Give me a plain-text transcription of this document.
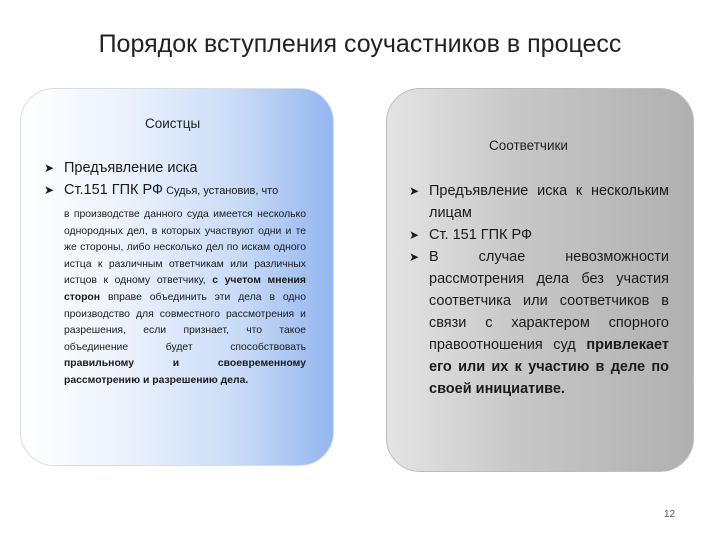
Порядок вступления соучастников в процесс
Соистцы
➤ Предъявление иска
➤ Ст.151 ГПК РФ Судья, установив, что
в производстве данного суда имеется несколько однородных дел, в которых участвуют одни и те же стороны, либо несколько дел по искам одного истца к различным ответчикам или различных истцов к одному ответчику, с учетом мнения сторон вправе объединить эти дела в одно производство для совместного рассмотрения и разрешения, если признает, что такое объединение будет способствовать правильному и своевременному рассмотрению и разрешению дела.
Соответчики
➤ Предъявление иска к нескольким лицам
➤ Ст. 151 ГПК РФ
➤ В случае невозможности рассмотрения дела без участия соответчика или соответчиков в связи с характером спорного правоотношения суд привлекает его или их к участию в деле по своей инициативе.
12
